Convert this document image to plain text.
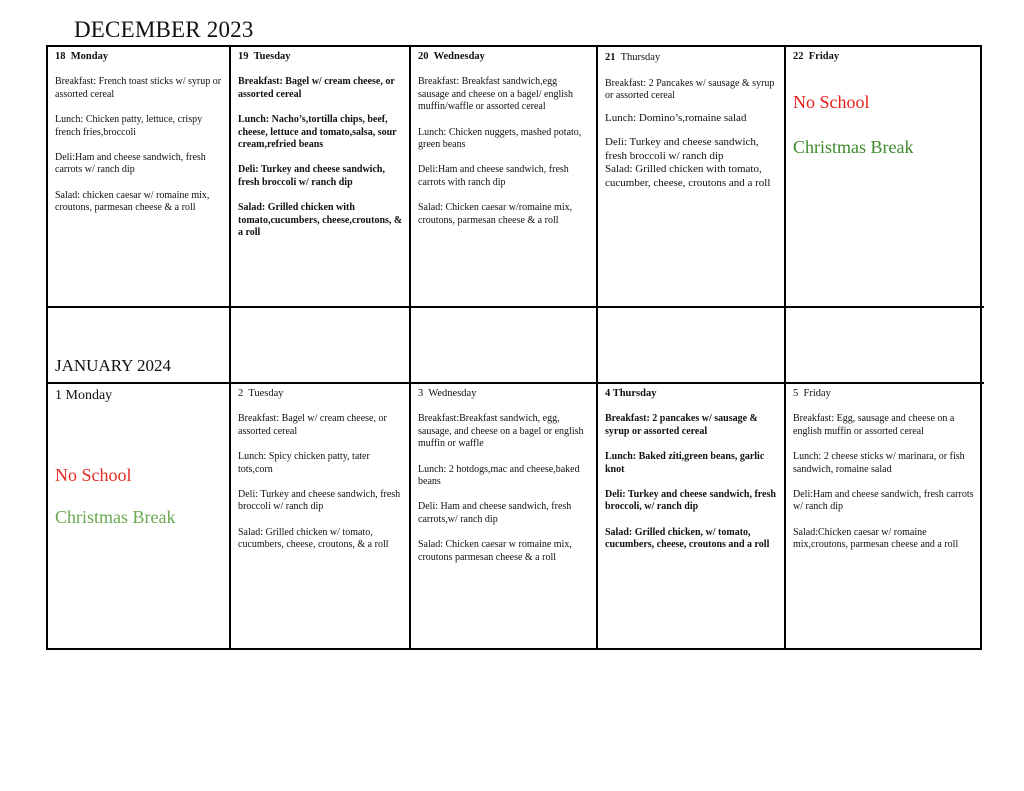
DECEMBER 2023
18 Monday

Breakfast: French toast sticks w/ syrup or assorted cereal

Lunch: Chicken patty, lettuce, crispy french fries,broccoli

Deli:Ham and cheese sandwich, fresh carrots w/ ranch dip

Salad: chicken caesar w/ romaine mix, croutons, parmesan cheese & a roll

19 Tuesday

Breakfast: Bagel w/ cream cheese, or assorted cereal

Lunch: Nacho’s,tortilla chips, beef, cheese, lettuce and tomato,salsa, sour cream,refried beans

Deli: Turkey and cheese sandwich, fresh broccoli w/ ranch dip

Salad: Grilled chicken with tomato,cucumbers, cheese,croutons, & a roll

20 Wednesday

Breakfast: Breakfast sandwich,egg sausage and cheese on a bagel/ english muffin/waffle or assorted cereal

Lunch: Chicken nuggets, mashed potato, green beans

Deli:Ham and cheese sandwich, fresh carrots with ranch dip

Salad: Chicken caesar w/romaine mix, croutons, parmesan cheese & a roll

21 Thursday

Breakfast: 2 Pancakes w/ sausage & syrup or assorted cereal

Lunch: Domino’s,romaine salad

Deli: Turkey and cheese sandwich, fresh broccoli w/ ranch dip

Salad: Grilled chicken with tomato, cucumber, cheese, croutons and a roll

22 Friday

No School

Christmas Break

JANUARY 2024
1 Monday

No School

Christmas Break

2 Tuesday

Breakfast: Bagel w/ cream cheese, or assorted cereal

Lunch: Spicy chicken patty, tater tots,corn

Deli: Turkey and cheese sandwich, fresh broccoli w/ ranch dip

Salad: Grilled chicken w/ tomato, cucumbers, cheese, croutons, & a roll

3 Wednesday

Breakfast:Breakfast sandwich, egg, sausage, and cheese on a bagel or english muffin or waffle

Lunch: 2 hotdogs,mac and cheese,baked beans

Deli: Ham and cheese sandwich, fresh carrots,w/ ranch dip

Salad: Chicken caesar w romaine mix, croutons parmesan cheese & a roll

4 Thursday

Breakfast: 2 pancakes w/ sausage & syrup or assorted cereal

Lunch: Baked ziti,green beans, garlic knot

Deli: Turkey and cheese sandwich, fresh broccoli, w/ ranch dip

Salad: Grilled chicken, w/ tomato, cucumbers, cheese, croutons and a roll

5 Friday

Breakfast: Egg, sausage and cheese on a english muffin or assorted cereal

Lunch: 2 cheese sticks w/ marinara, or fish sandwich, romaine salad

Deli:Ham and cheese sandwich, fresh carrots w/ ranch dip

Salad:Chicken caesar w/ romaine mix,croutons, parmesan cheese and a roll
